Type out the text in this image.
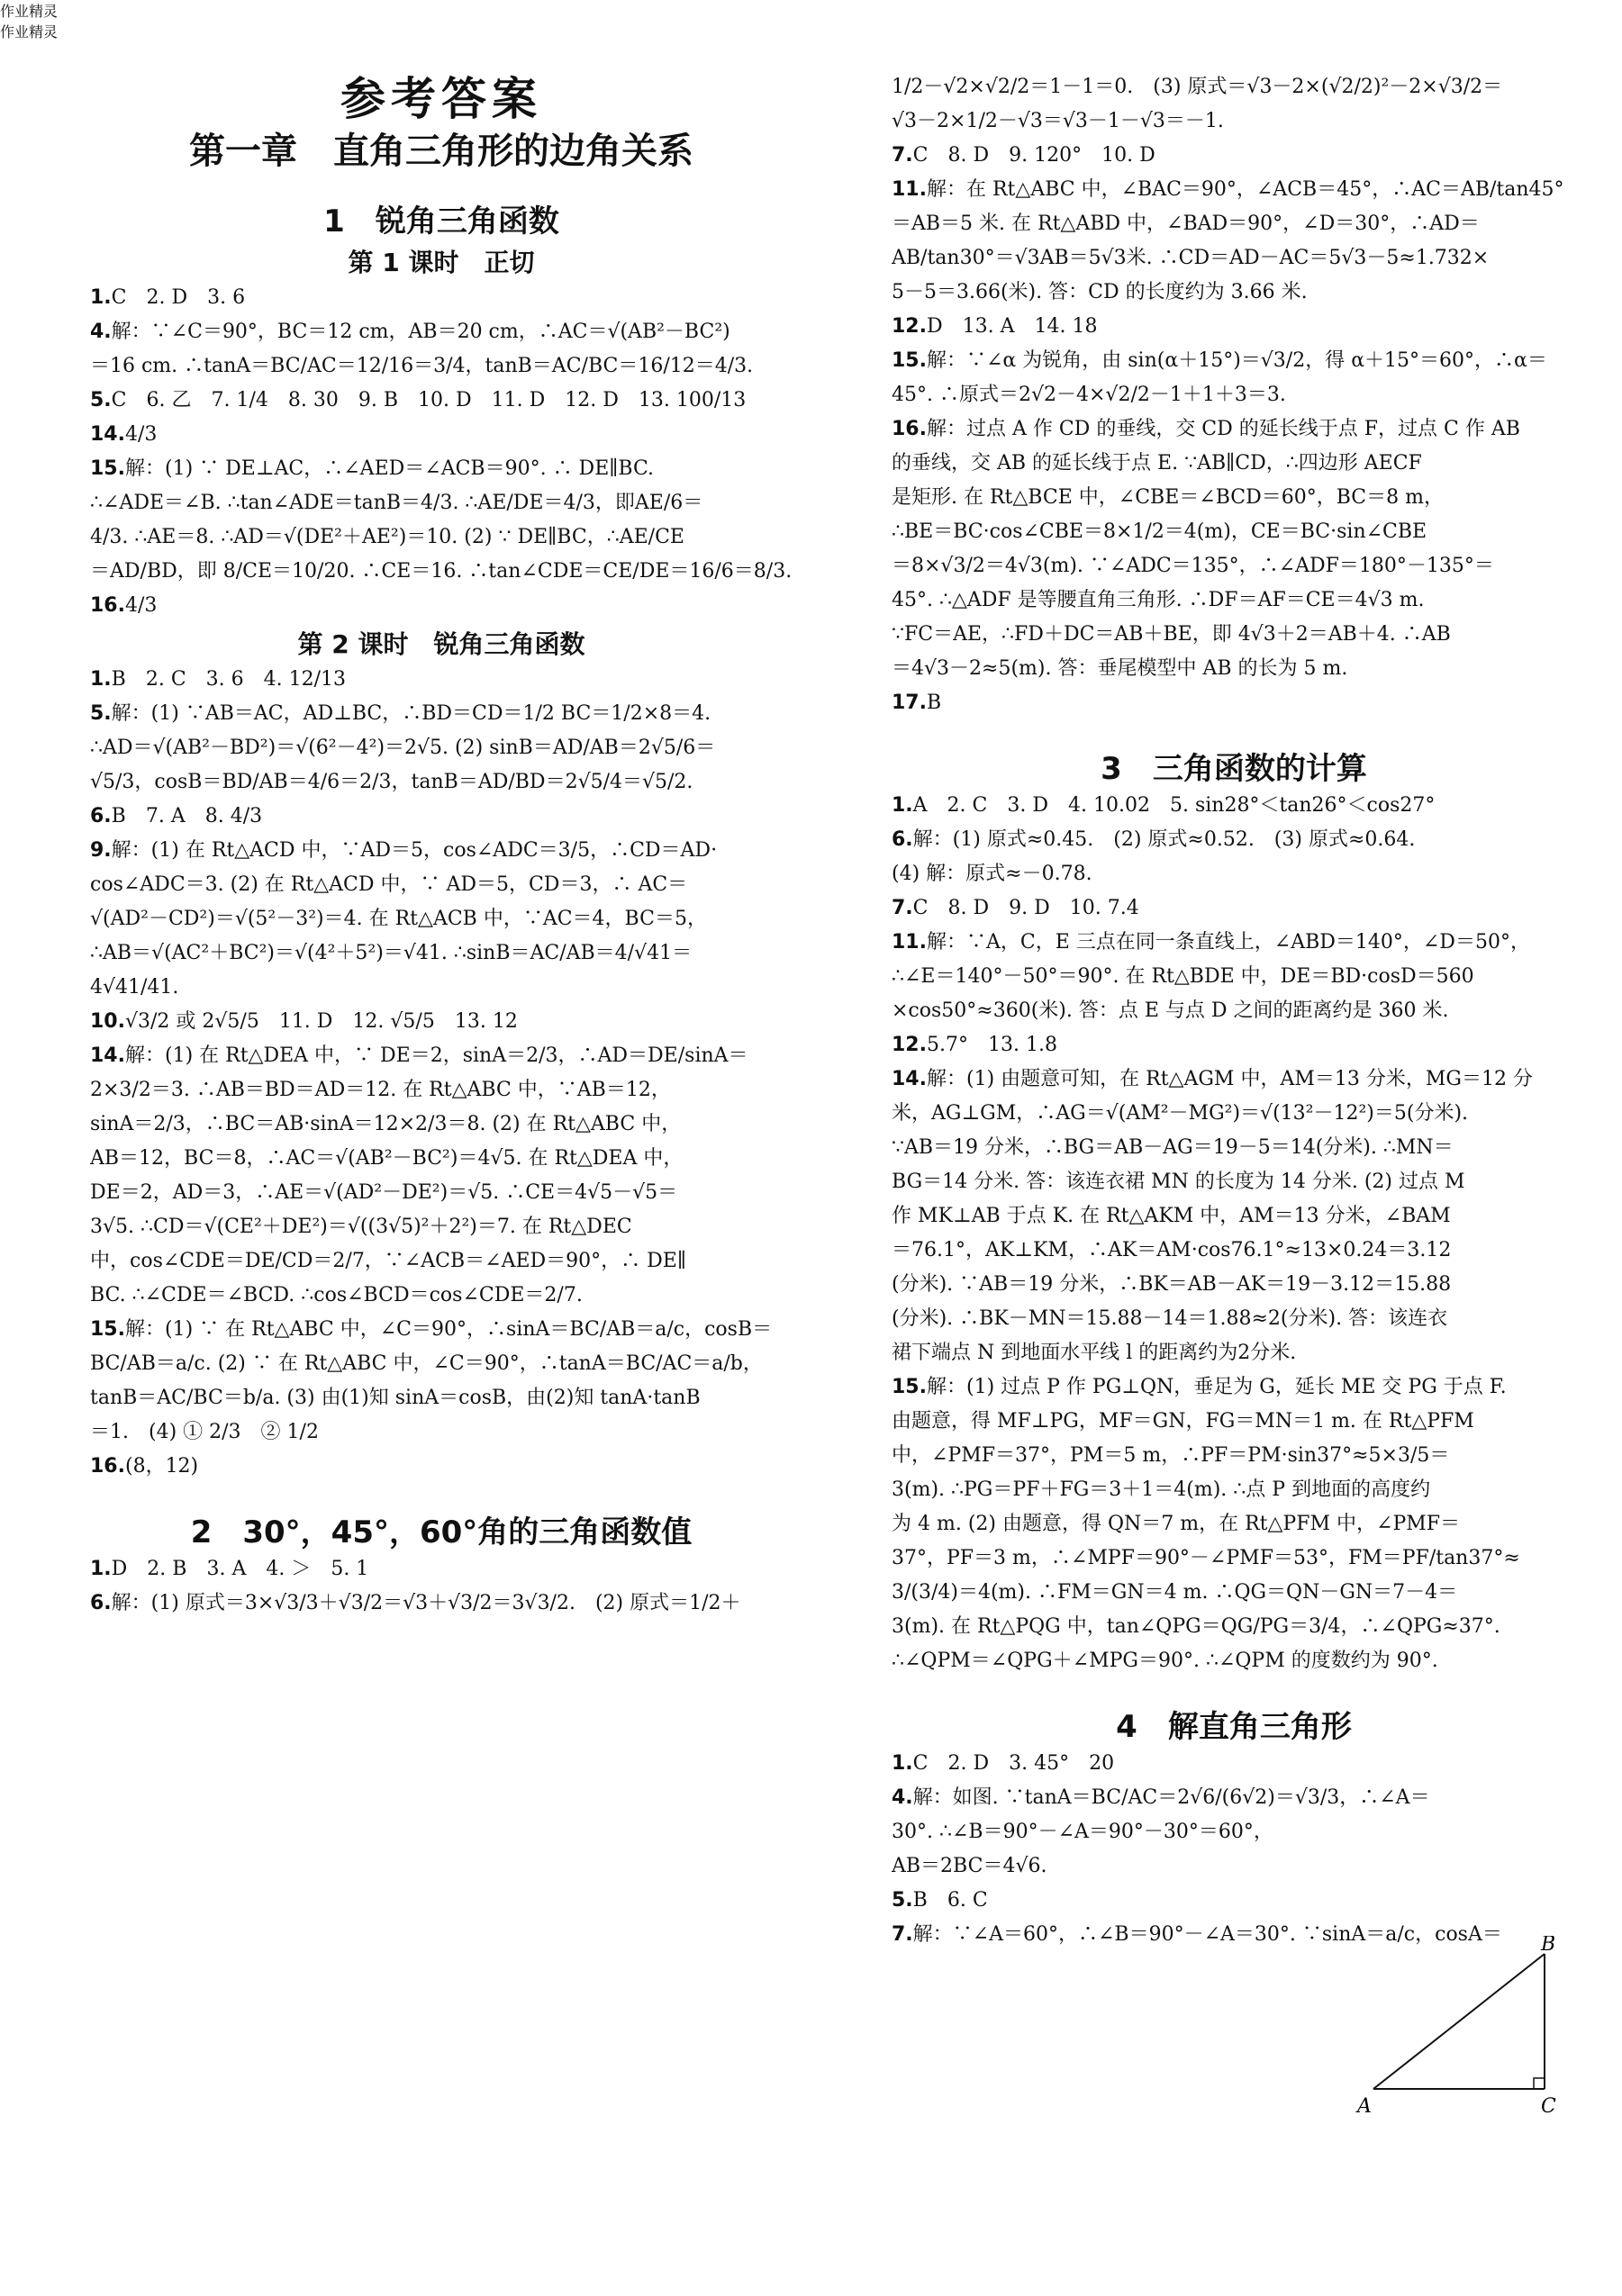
参考答案
第一章　直角三角形的边角关系
1　锐角三角函数
第 1 课时　正切
1.C　2. D　3. 6
4.解：∵∠C＝90°，BC＝12 cm，AB＝20 cm，∴AC＝√(AB²－BC²)
＝16 cm. ∴tanA＝BC/AC＝12/16＝3/4，tanB＝AC/BC＝16/12＝4/3.
5.C　6. 乙　7. 1/4　8. 30　9. B　10. D　11. D　12. D　13. 100/13
14.4/3
15.解：(1) ∵ DE⊥AC，∴∠AED＝∠ACB＝90°. ∴ DE∥BC.
∴∠ADE＝∠B. ∴tan∠ADE＝tanB＝4/3. ∴AE/DE＝4/3，即AE/6＝
4/3. ∴AE＝8. ∴AD＝√(DE²＋AE²)＝10. (2) ∵ DE∥BC，∴AE/CE
＝AD/BD，即 8/CE＝10/20. ∴CE＝16. ∴tan∠CDE＝CE/DE＝16/6＝8/3.
16.4/3
第 2 课时　锐角三角函数
1.B　2. C　3. 6　4. 12/13
5.解：(1) ∵AB＝AC，AD⊥BC，∴BD＝CD＝1/2 BC＝1/2×8＝4.
∴AD＝√(AB²－BD²)＝√(6²－4²)＝2√5. (2) sinB＝AD/AB＝2√5/6＝
√5/3，cosB＝BD/AB＝4/6＝2/3，tanB＝AD/BD＝2√5/4＝√5/2.
6.B　7. A　8. 4/3
9.解：(1) 在 Rt△ACD 中，∵AD＝5，cos∠ADC＝3/5，∴CD＝AD·
cos∠ADC＝3. (2) 在 Rt△ACD 中，∵ AD＝5，CD＝3，∴ AC＝
√(AD²－CD²)＝√(5²－3²)＝4. 在 Rt△ACB 中，∵AC＝4，BC＝5，
∴AB＝√(AC²＋BC²)＝√(4²＋5²)＝√41. ∴sinB＝AC/AB＝4/√41＝
4√41/41.
10.√3/2 或 2√5/5　11. D　12. √5/5　13. 12
14.解：(1) 在 Rt△DEA 中，∵ DE＝2，sinA＝2/3，∴AD＝DE/sinA＝
2×3/2＝3. ∴AB＝BD＝AD＝12. 在 Rt△ABC 中，∵AB＝12，
sinA＝2/3，∴BC＝AB·sinA＝12×2/3＝8. (2) 在 Rt△ABC 中，
AB＝12，BC＝8，∴AC＝√(AB²－BC²)＝4√5. 在 Rt△DEA 中，
DE＝2，AD＝3，∴AE＝√(AD²－DE²)＝√5. ∴CE＝4√5－√5＝
3√5. ∴CD＝√(CE²＋DE²)＝√((3√5)²＋2²)＝7. 在 Rt△DEC
中，cos∠CDE＝DE/CD＝2/7，∵∠ACB＝∠AED＝90°，∴ DE∥
BC. ∴∠CDE＝∠BCD. ∴cos∠BCD＝cos∠CDE＝2/7.
15.解：(1) ∵ 在 Rt△ABC 中，∠C＝90°，∴sinA＝BC/AB＝a/c，cosB＝
BC/AB＝a/c. (2) ∵ 在 Rt△ABC 中，∠C＝90°，∴tanA＝BC/AC＝a/b，
tanB＝AC/BC＝b/a. (3) 由(1)知 sinA＝cosB，由(2)知 tanA·tanB
＝1.　(4) ① 2/3　② 1/2
16.(8，12)
2　30°，45°，60°角的三角函数值
1.D　2. B　3. A　4. ＞　5. 1
6.解：(1) 原式＝3×√3/3＋√3/2＝√3＋√3/2＝3√3/2.　(2) 原式＝1/2＋
1/2－√2×√2/2＝1－1＝0.　(3) 原式＝√3－2×(√2/2)²－2×√3/2＝
√3－2×1/2－√3＝√3－1－√3＝－1.
7.C　8. D　9. 120°　10. D
11.解：在 Rt△ABC 中，∠BAC＝90°，∠ACB＝45°，∴AC＝AB/tan45°
＝AB＝5 米. 在 Rt△ABD 中，∠BAD＝90°，∠D＝30°，∴AD＝
AB/tan30°＝√3AB＝5√3米. ∴CD＝AD－AC＝5√3－5≈1.732×
5－5＝3.66(米). 答：CD 的长度约为 3.66 米.
12.D　13. A　14. 18
15.解：∵∠α 为锐角，由 sin(α＋15°)＝√3/2，得 α＋15°＝60°，∴α＝
45°. ∴原式＝2√2－4×√2/2－1＋1＋3＝3.
16.解：过点 A 作 CD 的垂线，交 CD 的延长线于点 F，过点 C 作 AB
的垂线，交 AB 的延长线于点 E. ∵AB∥CD，∴四边形 AECF
是矩形. 在 Rt△BCE 中，∠CBE＝∠BCD＝60°，BC＝8 m，
∴BE＝BC·cos∠CBE＝8×1/2＝4(m)，CE＝BC·sin∠CBE
＝8×√3/2＝4√3(m). ∵∠ADC＝135°，∴∠ADF＝180°－135°＝
45°. ∴△ADF 是等腰直角三角形. ∴DF＝AF＝CE＝4√3 m.
∵FC＝AE，∴FD＋DC＝AB＋BE，即 4√3＋2＝AB＋4. ∴AB
＝4√3－2≈5(m). 答：垂尾模型中 AB 的长为 5 m.
17.B
3　三角函数的计算
1.A　2. C　3. D　4. 10.02　5. sin28°＜tan26°＜cos27°
6.解：(1) 原式≈0.45.　(2) 原式≈0.52.　(3) 原式≈0.64.
(4) 解：原式≈－0.78.
7.C　8. D　9. D　10. 7.4
11.解：∵A，C，E 三点在同一条直线上，∠ABD＝140°，∠D＝50°，
∴∠E＝140°－50°＝90°. 在 Rt△BDE 中，DE＝BD·cosD＝560
×cos50°≈360(米). 答：点 E 与点 D 之间的距离约是 360 米.
12.5.7°　13. 1.8
14.解：(1) 由题意可知，在 Rt△AGM 中，AM＝13 分米，MG＝12 分
米，AG⊥GM，∴AG＝√(AM²－MG²)＝√(13²－12²)＝5(分米).
∵AB＝19 分米，∴BG＝AB－AG＝19－5＝14(分米). ∴MN＝
BG＝14 分米. 答：该连衣裙 MN 的长度为 14 分米. (2) 过点 M
作 MK⊥AB 于点 K. 在 Rt△AKM 中，AM＝13 分米，∠BAM
＝76.1°，AK⊥KM，∴AK＝AM·cos76.1°≈13×0.24＝3.12
(分米). ∵AB＝19 分米，∴BK＝AB－AK＝19－3.12＝15.88
(分米). ∴BK－MN＝15.88－14＝1.88≈2(分米). 答：该连衣
裙下端点 N 到地面水平线 l 的距离约为2分米.
15.解：(1) 过点 P 作 PG⊥QN，垂足为 G，延长 ME 交 PG 于点 F.
由题意，得 MF⊥PG，MF＝GN，FG＝MN＝1 m. 在 Rt△PFM
中，∠PMF＝37°，PM＝5 m，∴PF＝PM·sin37°≈5×3/5＝
3(m). ∴PG＝PF＋FG＝3＋1＝4(m). ∴点 P 到地面的高度约
为 4 m. (2) 由题意，得 QN＝7 m，在 Rt△PFM 中，∠PMF＝
37°，PF＝3 m，∴∠MPF＝90°－∠PMF＝53°，FM＝PF/tan37°≈
3/(3/4)＝4(m). ∴FM＝GN＝4 m. ∴QG＝QN－GN＝7－4＝
3(m). 在 Rt△PQG 中，tan∠QPG＝QG/PG＝3/4，∴∠QPG≈37°.
∴∠QPM＝∠QPG＋∠MPG＝90°. ∴∠QPM 的度数约为 90°.
4　解直角三角形
1.C　2. D　3. 45°　20
4.解：如图. ∵tanA＝BC/AC＝2√6/(6√2)＝√3/3，∴∠A＝
30°. ∴∠B＝90°－∠A＝90°－30°＝60°，
AB＝2BC＝4√6.
5.B　6. C
7.解：∵∠A＝60°，∴∠B＝90°－∠A＝30°. ∵sinA＝a/c，cosA＝
作业精灵
作业精灵
A
B
C
